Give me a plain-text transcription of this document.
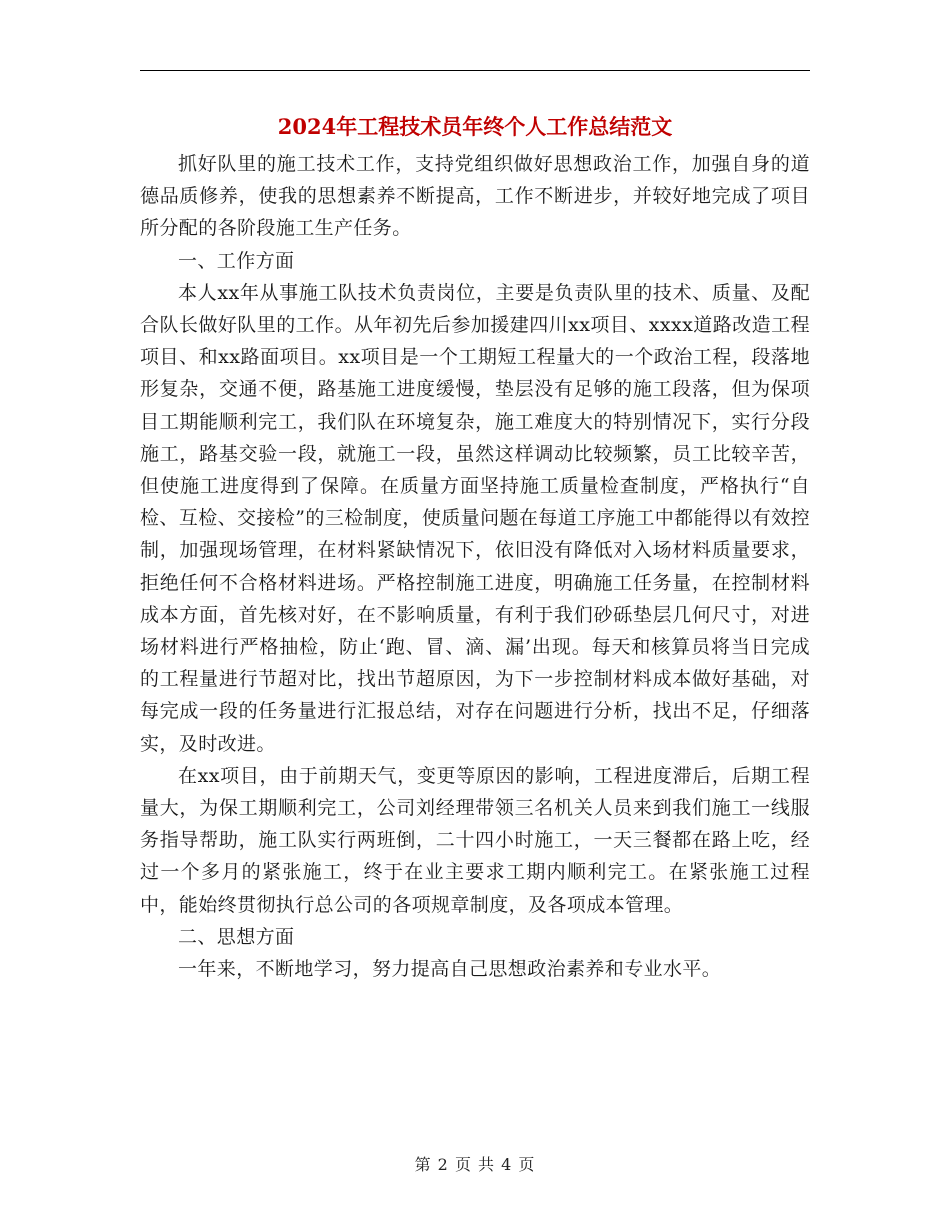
2024年工程技术员年终个人工作总结范文

抓好队里的施工技术工作，支持党组织做好思想政治工作，加强自身的道德品质修养，使我的思想素养不断提高，工作不断进步，并较好地完成了项目所分配的各阶段施工生产任务。

一、工作方面

本人xx年从事施工队技术负责岗位，主要是负责队里的技术、质量、及配合队长做好队里的工作。从年初先后参加援建四川xx项目、xxxx道路改造工程项目、和xx路面项目。xx项目是一个工期短工程量大的一个政治工程，段落地形复杂，交通不便，路基施工进度缓慢，垫层没有足够的施工段落，但为保项目工期能顺利完工，我们队在环境复杂，施工难度大的特别情况下，实行分段施工，路基交验一段，就施工一段，虽然这样调动比较频繁，员工比较辛苦，但使施工进度得到了保障。在质量方面坚持施工质量检查制度，严格执行“自检、互检、交接检”的三检制度，使质量问题在每道工序施工中都能得以有效控制，加强现场管理，在材料紧缺情况下，依旧没有降低对入场材料质量要求，拒绝任何不合格材料进场。严格控制施工进度，明确施工任务量，在控制材料成本方面，首先核对好，在不影响质量，有利于我们砂砾垫层几何尺寸，对进场材料进行严格抽检，防止‘跑、冒、滴、漏’出现。每天和核算员将当日完成的工程量进行节超对比，找出节超原因，为下一步控制材料成本做好基础，对每完成一段的任务量进行汇报总结，对存在问题进行分析，找出不足，仔细落实，及时改进。

在xx项目，由于前期天气，变更等原因的影响，工程进度滞后，后期工程量大，为保工期顺利完工，公司刘经理带领三名机关人员来到我们施工一线服务指导帮助，施工队实行两班倒，二十四小时施工，一天三餐都在路上吃，经过一个多月的紧张施工，终于在业主要求工期内顺利完工。在紧张施工过程中，能始终贯彻执行总公司的各项规章制度，及各项成本管理。

二、思想方面

一年来，不断地学习，努力提高自己思想政治素养和专业水平。

第 2 页 共 4 页
